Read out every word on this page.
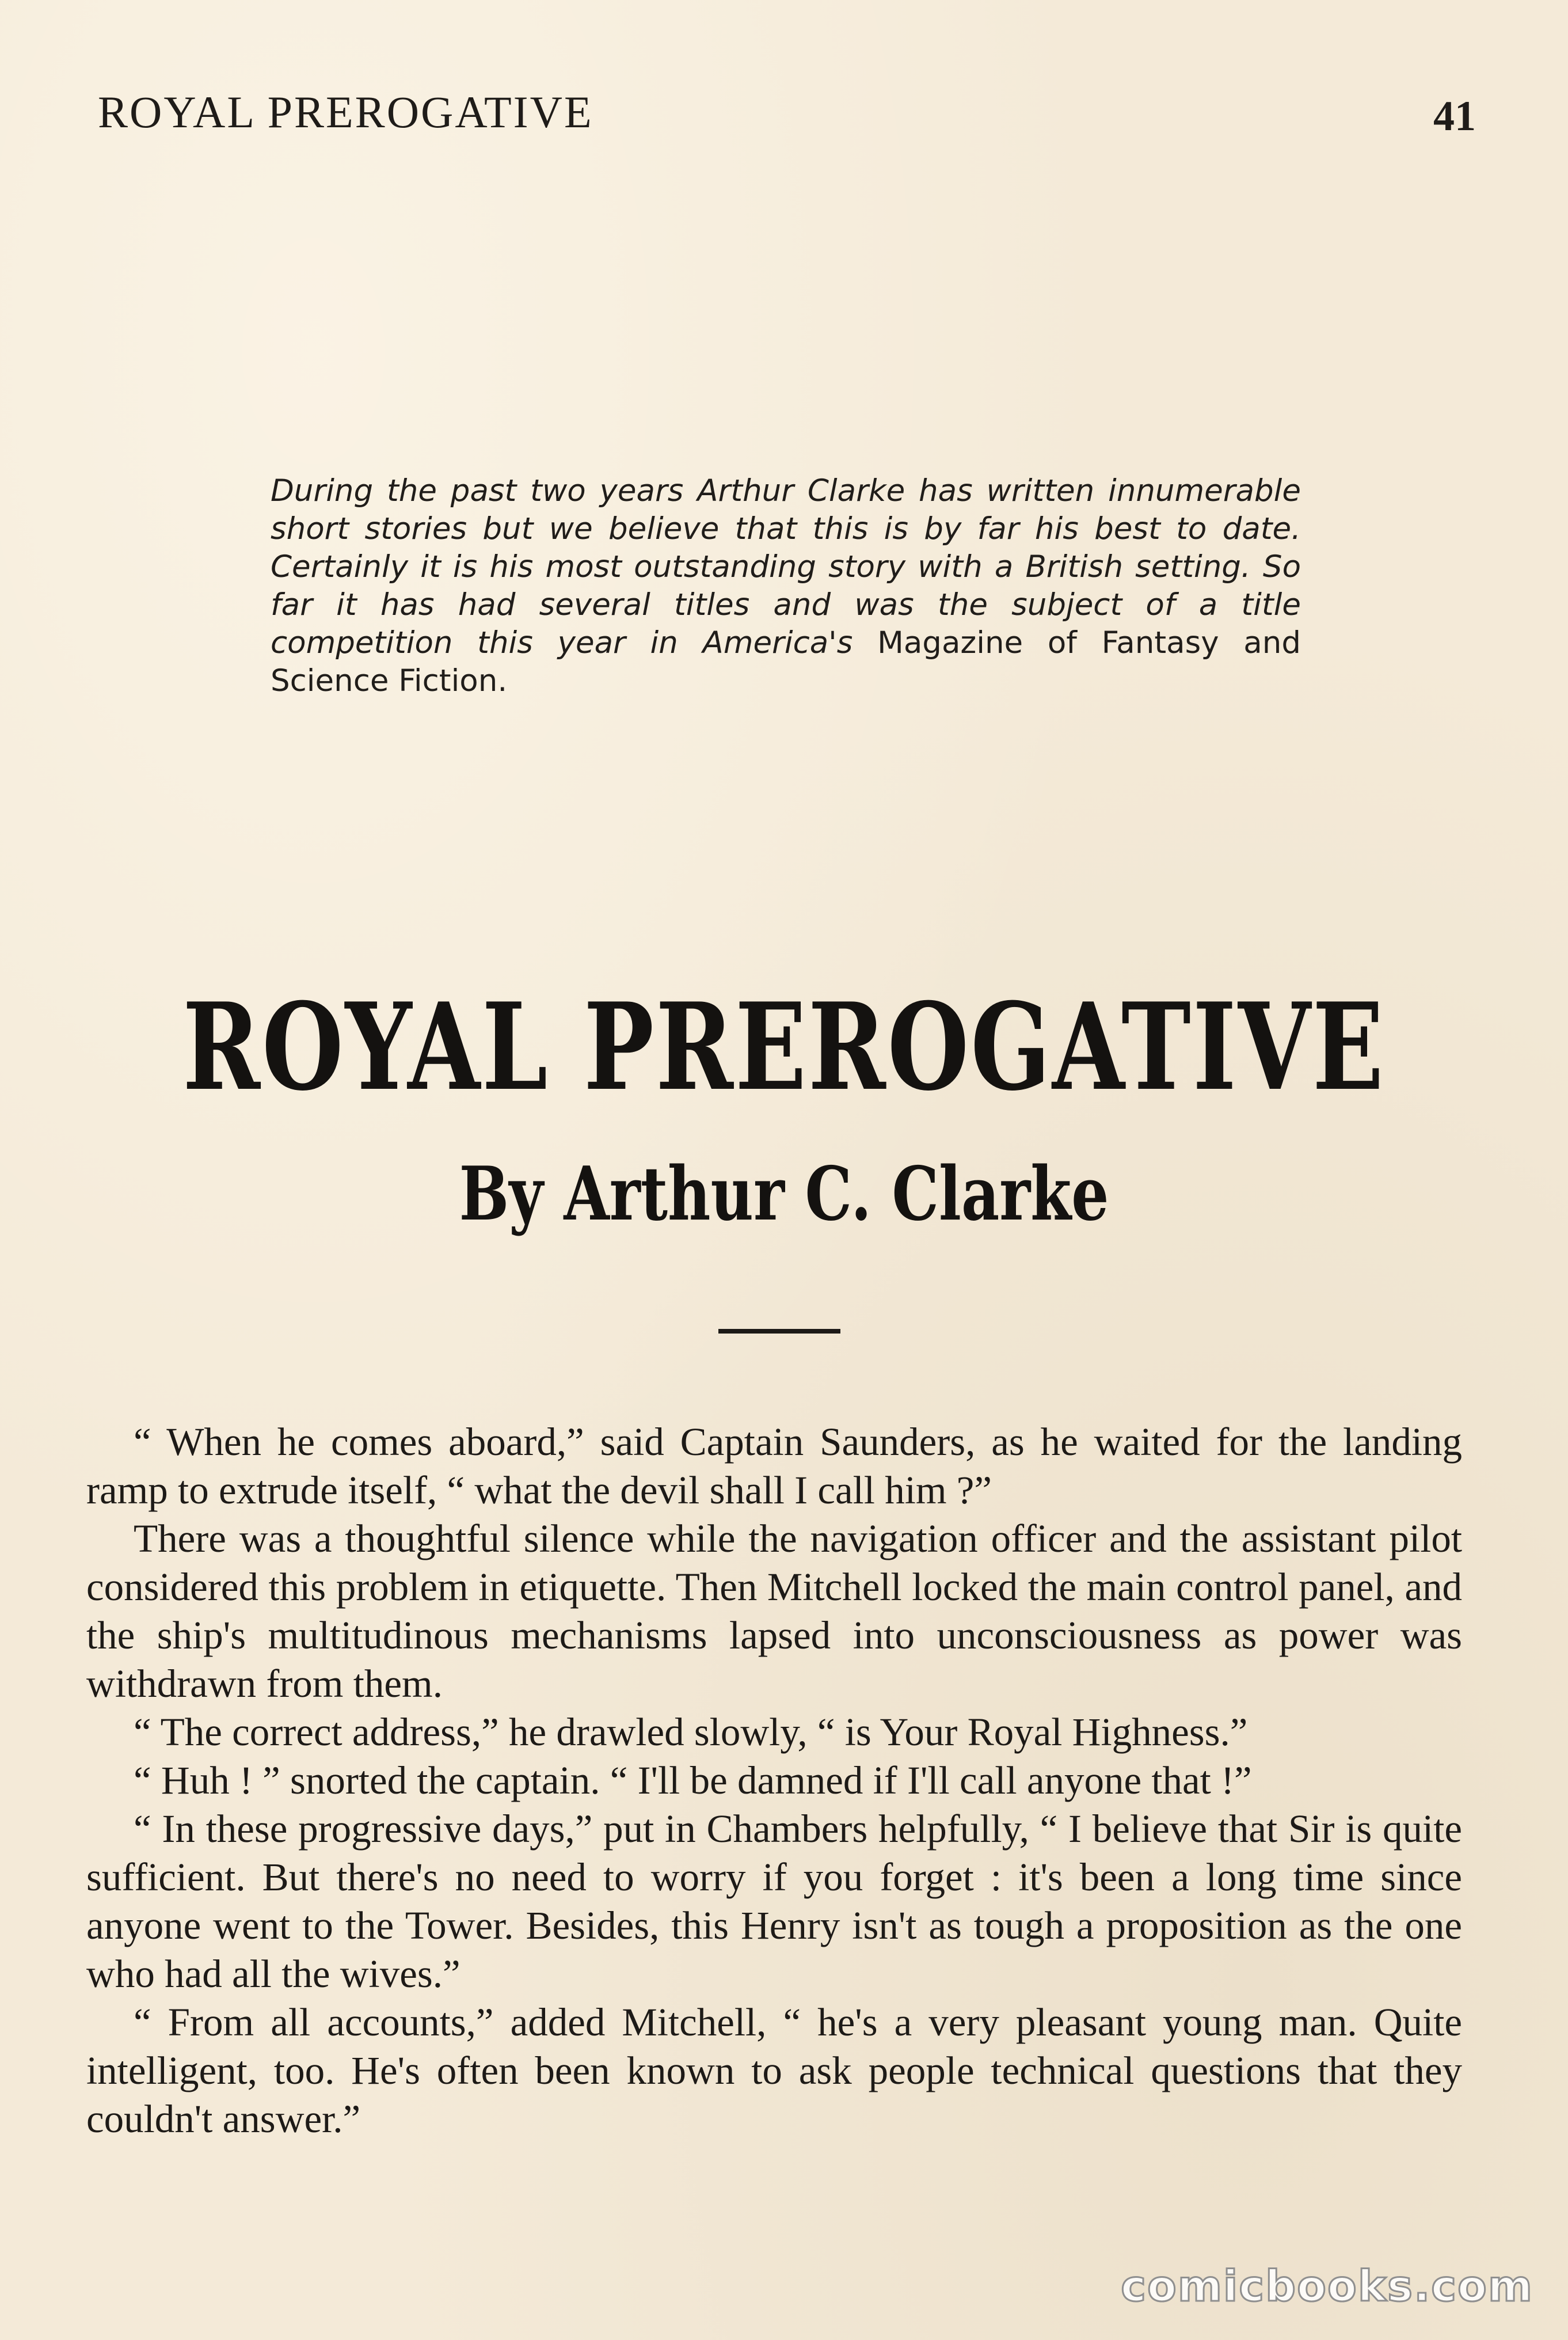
ROYAL PREROGATIVE	41

During the past two years Arthur Clarke has written innumerable short stories but we believe that this is by far his best to date. Certainly it is his most outstanding story with a British setting. So far it has had several titles and was the subject of a title competition this year in America's Magazine of Fantasy and Science Fiction.

ROYAL PREROGATIVE
By Arthur C. Clarke

“ When he comes aboard,” said Captain Saunders, as he waited for the landing ramp to extrude itself, “ what the devil shall I call him ?”

There was a thoughtful silence while the navigation officer and the assistant pilot considered this problem in etiquette. Then Mitchell locked the main control panel, and the ship's multitudinous mechanisms lapsed into unconsciousness as power was withdrawn from them.

“ The correct address,” he drawled slowly, “ is Your Royal Highness.”

“ Huh ! ” snorted the captain. “ I'll be damned if I'll call anyone that !”

“ In these progressive days,” put in Chambers helpfully, “ I believe that Sir is quite sufficient. But there's no need to worry if you forget : it's been a long time since anyone went to the Tower. Besides, this Henry isn't as tough a proposition as the one who had all the wives.”

“ From all accounts,” added Mitchell, “ he's a very pleasant young man. Quite intelligent, too. He's often been known to ask people technical questions that they couldn't answer.”

comicbooks.com
